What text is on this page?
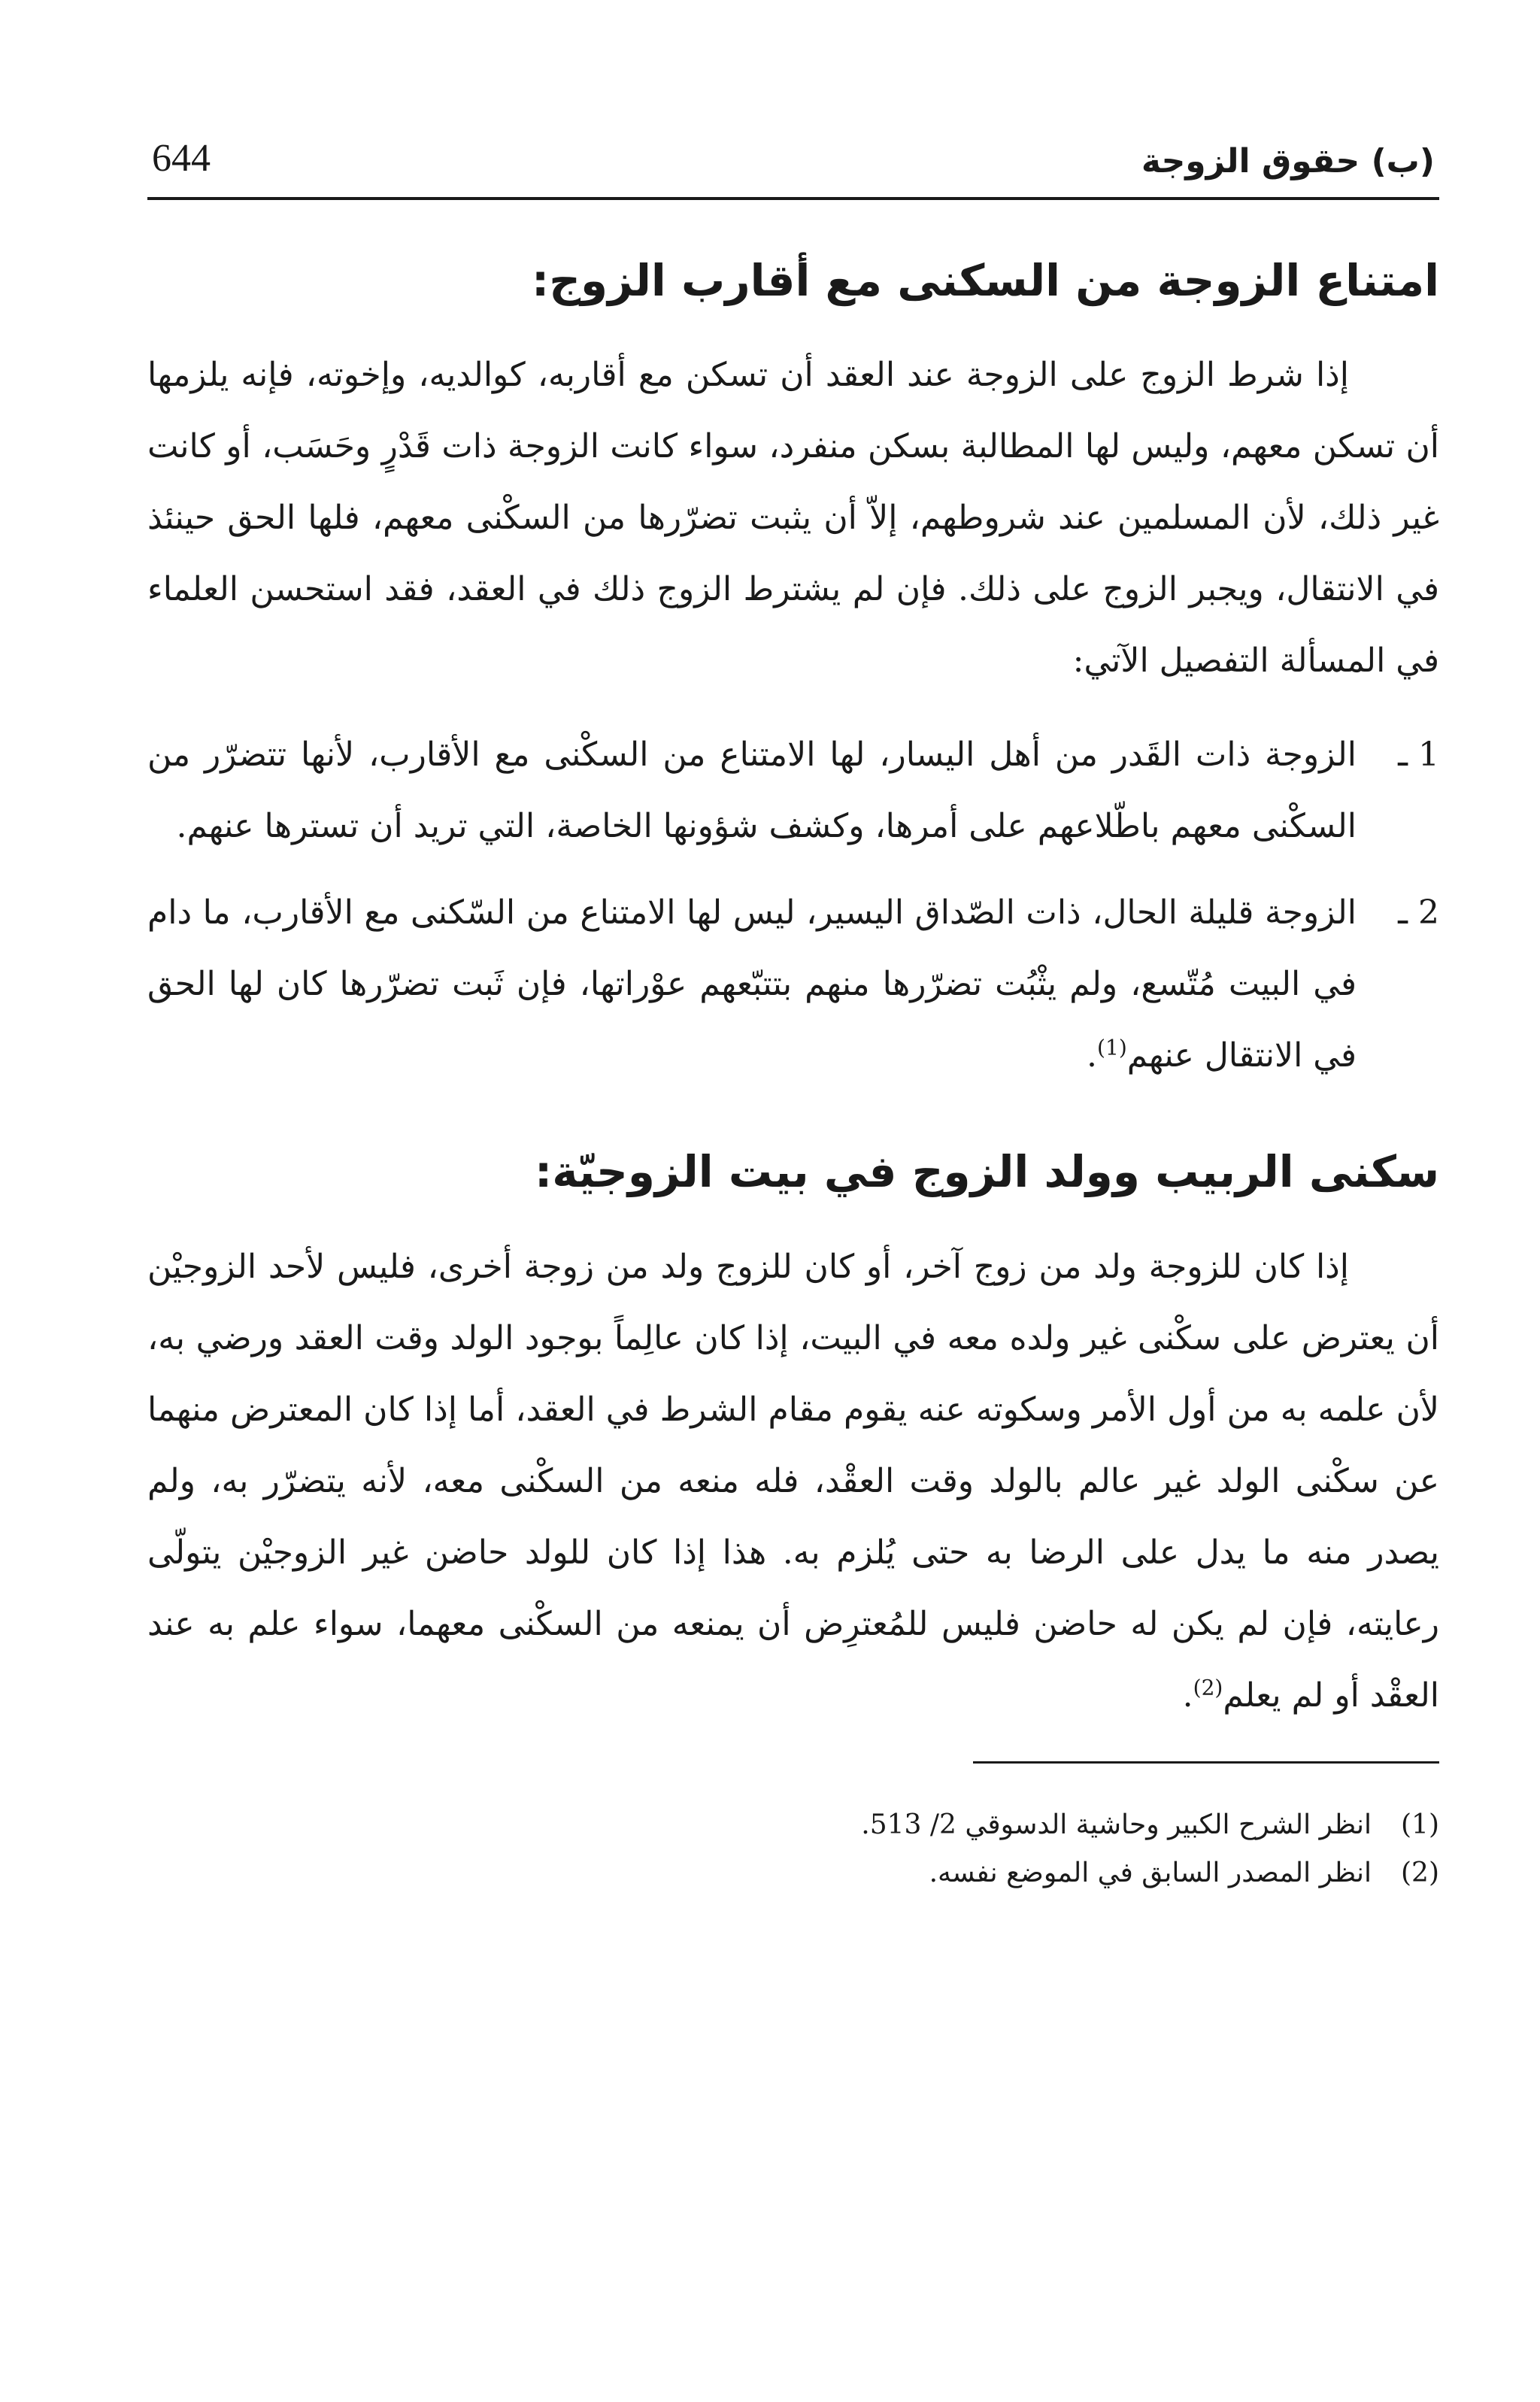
(ب) حقوق الزوجة
644
امتناع الزوجة من السكنى مع أقارب الزوج:

إذا شرط الزوج على الزوجة عند العقد أن تسكن مع أقاربه، كوالديه، وإخوته، فإنه يلزمها أن تسكن معهم، وليس لها المطالبة بسكن منفرد، سواء كانت الزوجة ذات قَدْرٍ وحَسَب، أو كانت غير ذلك، لأن المسلمين عند شروطهم، إلاّ أن يثبت تضرّرها من السكْنى معهم، فلها الحق حينئذ في الانتقال، ويجبر الزوج على ذلك. فإن لم يشترط الزوج ذلك في العقد، فقد استحسن العلماء في المسألة التفصيل الآتي:

1 ـ
الزوجة ذات القَدر من أهل اليسار، لها الامتناع من السكْنى مع الأقارب، لأنها تتضرّر من السكْنى معهم باطّلاعهم على أمرها، وكشف شؤونها الخاصة، التي تريد أن تسترها عنهم.
2 ـ
الزوجة قليلة الحال، ذات الصّداق اليسير، ليس لها الامتناع من السّكنى مع الأقارب، ما دام في البيت مُتّسع، ولم يثْبُت تضرّرها منهم بتتبّعهم عوْراتها، فإن ثَبت تضرّرها كان لها الحق في الانتقال عنهم$^{(1)}$.
سكنى الربيب وولد الزوج في بيت الزوجيّة:

إذا كان للزوجة ولد من زوج آخر، أو كان للزوج ولد من زوجة أخرى، فليس لأحد الزوجيْن أن يعترض على سكْنى غير ولده معه في البيت، إذا كان عالِماً بوجود الولد وقت العقد ورضي به، لأن علمه به من أول الأمر وسكوته عنه يقوم مقام الشرط في العقد، أما إذا كان المعترض منهما عن سكْنى الولد غير عالم بالولد وقت العقْد، فله منعه من السكْنى معه، لأنه يتضرّر به، ولم يصدر منه ما يدل على الرضا به حتى يُلزم به. هذا إذا كان للولد حاضن غير الزوجيْن يتولّى رعايته، فإن لم يكن له حاضن فليس للمُعترِض أن يمنعه من السكْنى معهما، سواء علم به عند العقْد أو لم يعلم$^{(2)}$.

(1)
انظر الشرح الكبير وحاشية الدسوقي 2/ 513.
(2)
انظر المصدر السابق في الموضع نفسه.
